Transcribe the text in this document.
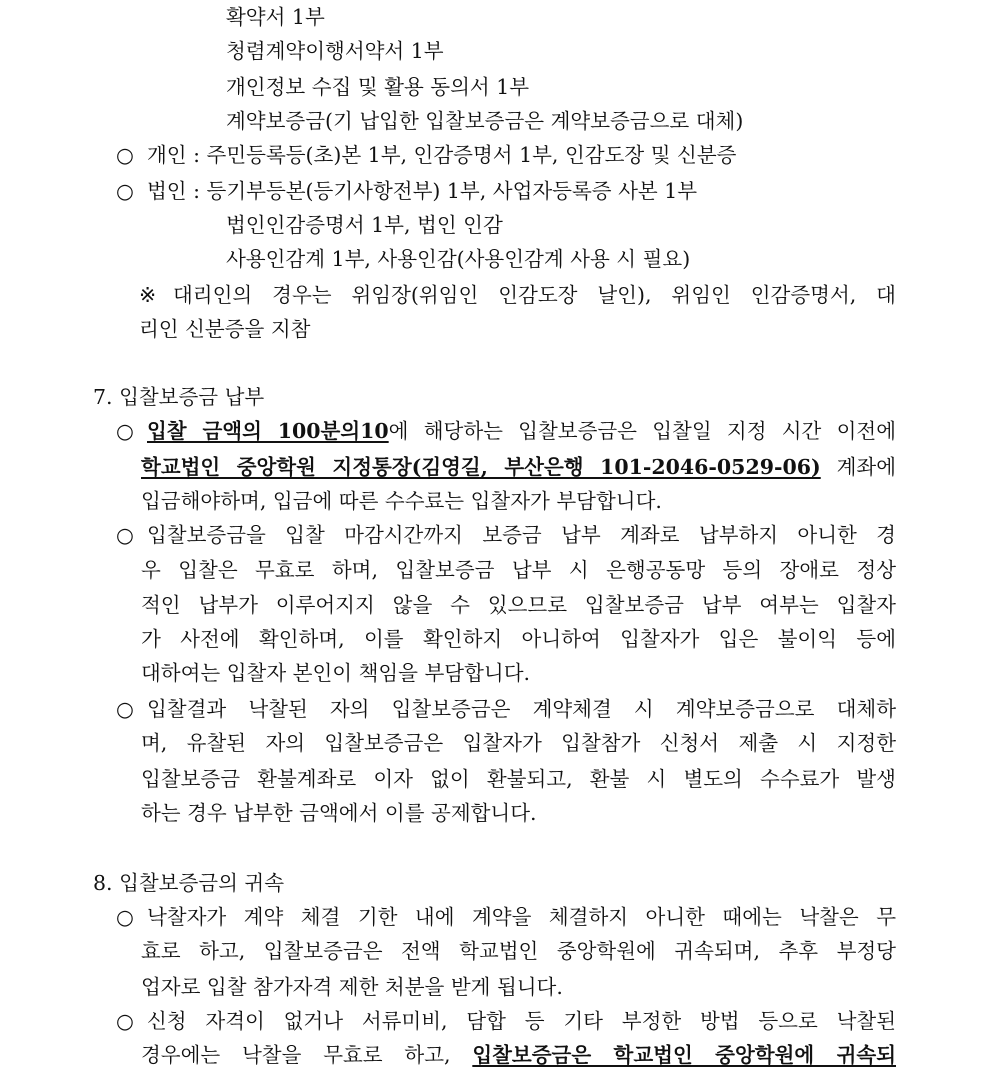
확약서 1부
청렴계약이행서약서 1부
개인정보 수집 및 활용 동의서 1부
계약보증금(기 납입한 입찰보증금은 계약보증금으로 대체)
○ 개인 : 주민등록등(초)본 1부, 인감증명서 1부, 인감도장 및 신분증
○ 법인 : 등기부등본(등기사항전부) 1부, 사업자등록증 사본 1부
법인인감증명서 1부, 법인 인감
사용인감계 1부, 사용인감(사용인감계 사용 시 필요)
※ 대리인의 경우는 위임장(위임인 인감도장 날인), 위임인 인감증명서, 대
리인 신분증을 지참
7. 입찰보증금 납부
○ 입찰 금액의 100분의10에 해당하는 입찰보증금은 입찰일 지정 시간 이전에
학교법인 중앙학원 지정통장(김영길, 부산은행 101-2046-0529-06) 계좌에
입금해야하며, 입금에 따른 수수료는 입찰자가 부담합니다.
○ 입찰보증금을 입찰 마감시간까지 보증금 납부 계좌로 납부하지 아니한 경
우 입찰은 무효로 하며, 입찰보증금 납부 시 은행공동망 등의 장애로 정상
적인 납부가 이루어지지 않을 수 있으므로 입찰보증금 납부 여부는 입찰자
가 사전에 확인하며, 이를 확인하지 아니하여 입찰자가 입은 불이익 등에
대하여는 입찰자 본인이 책임을 부담합니다.
○ 입찰결과 낙찰된 자의 입찰보증금은 계약체결 시 계약보증금으로 대체하
며, 유찰된 자의 입찰보증금은 입찰자가 입찰참가 신청서 제출 시 지정한
입찰보증금 환불계좌로 이자 없이 환불되고, 환불 시 별도의 수수료가 발생
하는 경우 납부한 금액에서 이를 공제합니다.
8. 입찰보증금의 귀속
○ 낙찰자가 계약 체결 기한 내에 계약을 체결하지 아니한 때에는 낙찰은 무
효로 하고, 입찰보증금은 전액 학교법인 중앙학원에 귀속되며, 추후 부정당
업자로 입찰 참가자격 제한 처분을 받게 됩니다.
○ 신청 자격이 없거나 서류미비, 담합 등 기타 부정한 방법 등으로 낙찰된
경우에는 낙찰을 무효로 하고, 입찰보증금은 학교법인 중앙학원에 귀속되
